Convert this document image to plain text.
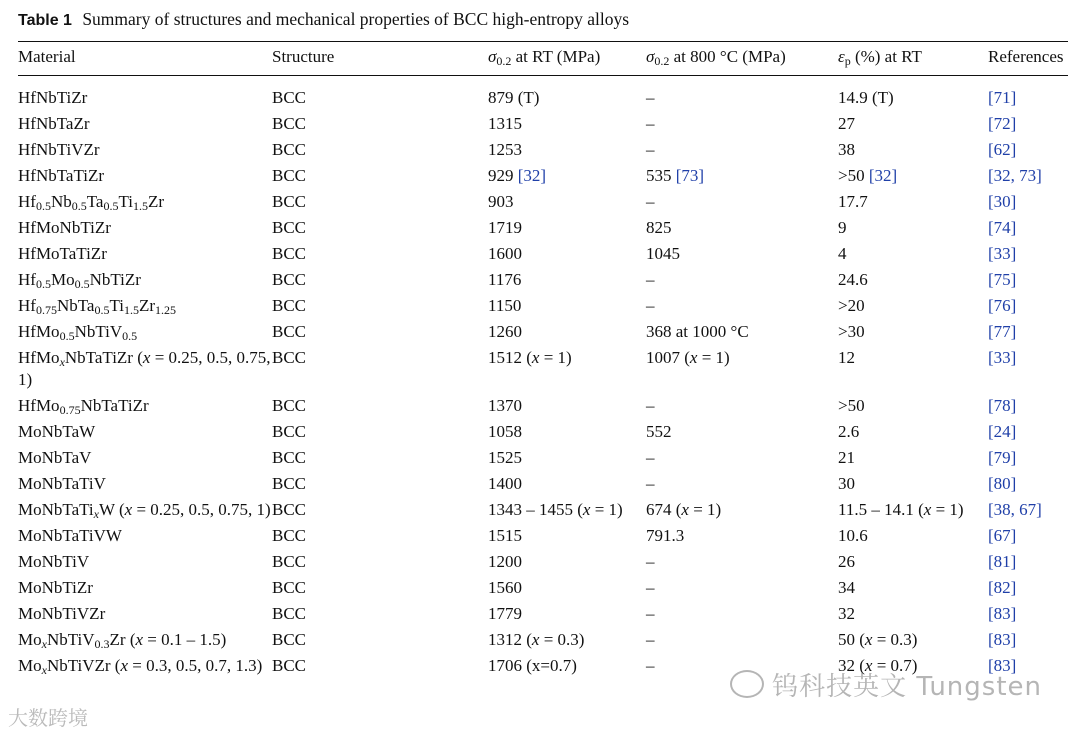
Table 1 Summary of structures and mechanical properties of BCC high-entropy alloys
Material	Structure	$\sigma_{0.2}$ at RT (MPa)	$\sigma_{0.2}$ at 800 °C (MPa)	$\varepsilon_p$ (%) at RT	References
HfNbTiZr	BCC	879 (T)	–	14.9 (T)	[71]
HfNbTaZr	BCC	1315	–	27	[72]
HfNbTiVZr	BCC	1253	–	38	[62]
HfNbTaTiZr	BCC	929 [32]	535 [73]	>50 [32]	[32, 73]
$Hf_{0.5}Nb_{0.5}Ta_{0.5}Ti_{1.5}Zr$	BCC	903	–	17.7	[30]
HfMoNbTiZr	BCC	1719	825	9	[74]
HfMoTaTiZr	BCC	1600	1045	4	[33]
$Hf_{0.5}Mo_{0.5}NbTiZr$	BCC	1176	–	24.6	[75]
$Hf_{0.75}NbTa_{0.5}Ti_{1.5}Zr_{1.25}$	BCC	1150	–	>20	[76]
HfMo$_{0.5}$NbTiV$_{0.5}$	BCC	1260	368 at 1000 °C	>30	[77]
HfMo$_x$NbTaTiZr (x = 0.25, 0.5, 0.75, 1)	BCC	1512 (x = 1)	1007 (x = 1)	12	[33]
HfMo$_{0.75}$NbTaTiZr	BCC	1370	–	>50	[78]
MoNbTaW	BCC	1058	552	2.6	[24]
MoNbTaV	BCC	1525	–	21	[79]
MoNbTaTiV	BCC	1400	–	30	[80]
MoNbTaTi$_x$W (x = 0.25, 0.5, 0.75, 1)	BCC	1343 – 1455 (x = 1)	674 (x = 1)	11.5 – 14.1 (x = 1)	[38, 67]
MoNbTaTiVW	BCC	1515	791.3	10.6	[67]
MoNbTiV	BCC	1200	–	26	[81]
MoNbTiZr	BCC	1560	–	34	[82]
MoNbTiVZr	BCC	1779	–	32	[83]
$Mo_xNbTiV_{0.3}Zr$ (x = 0.1 – 1.5)	BCC	1312 (x = 0.3)	–	50 (x = 0.3)	[83]
$Mo_xNbTiVZr$ (x = 0.3, 0.5, 0.7, 1.3)	BCC	1706 (x=0.7)	–	32 (x = 0.7)	[83]
钨科技英文 Tungsten
大数跨境
